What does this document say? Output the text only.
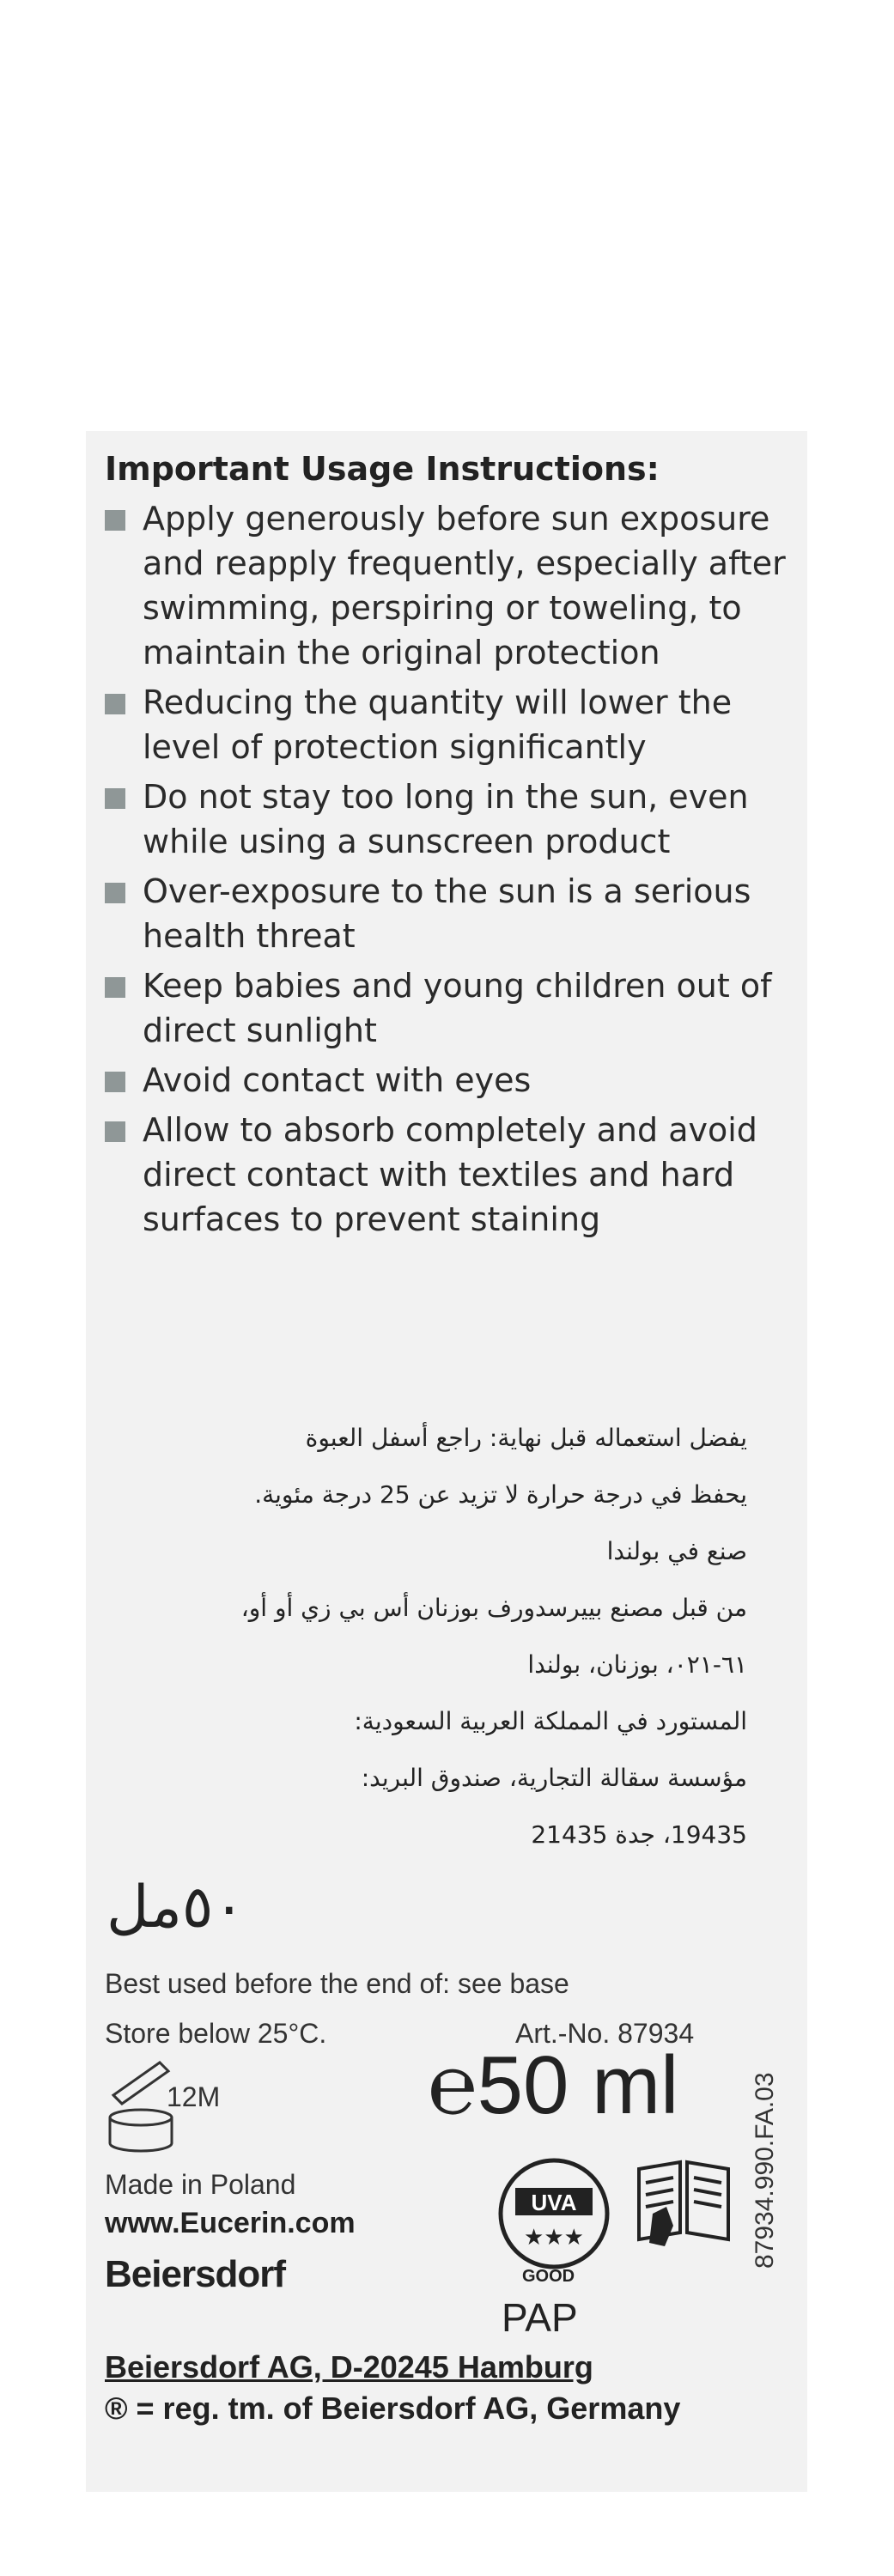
Important Usage Instructions:
Apply generously before sun exposure and reapply frequently, especially after swimming, perspiring or toweling, to maintain the original protection
Reducing the quantity will lower the level of protection significantly
Do not stay too long in the sun, even while using a sunscreen product
Over-exposure to the sun is a serious health threat
Keep babies and young children out of direct sunlight
Avoid contact with eyes
Allow to absorb completely and avoid direct contact with textiles and hard surfaces to prevent staining
يفضل استعماله قبل نهاية: راجع أسفل العبوة
يحفظ في درجة حرارة لا تزيد عن 25 درجة مئوية.
صنع في بولندا
من قبل مصنع بييرسدورف بوزنان أس بي زي أو أو،
٦١-٠٢١، بوزنان، بولندا
المستورد في المملكة العربية السعودية:
مؤسسة سقالة التجارية، صندوق البريد:
19435، جدة 21435
٥٠مل
Best used before the end of: see base
Store below 25°C.	Art.-No. 87934
12M	℮50 ml	87934.990.FA.03
Made in Poland
www.Eucerin.com
UVA
★★★
GOOD
PAP
Beiersdorf
Beiersdorf AG, D-20245 Hamburg
® = reg. tm. of Beiersdorf AG, Germany
